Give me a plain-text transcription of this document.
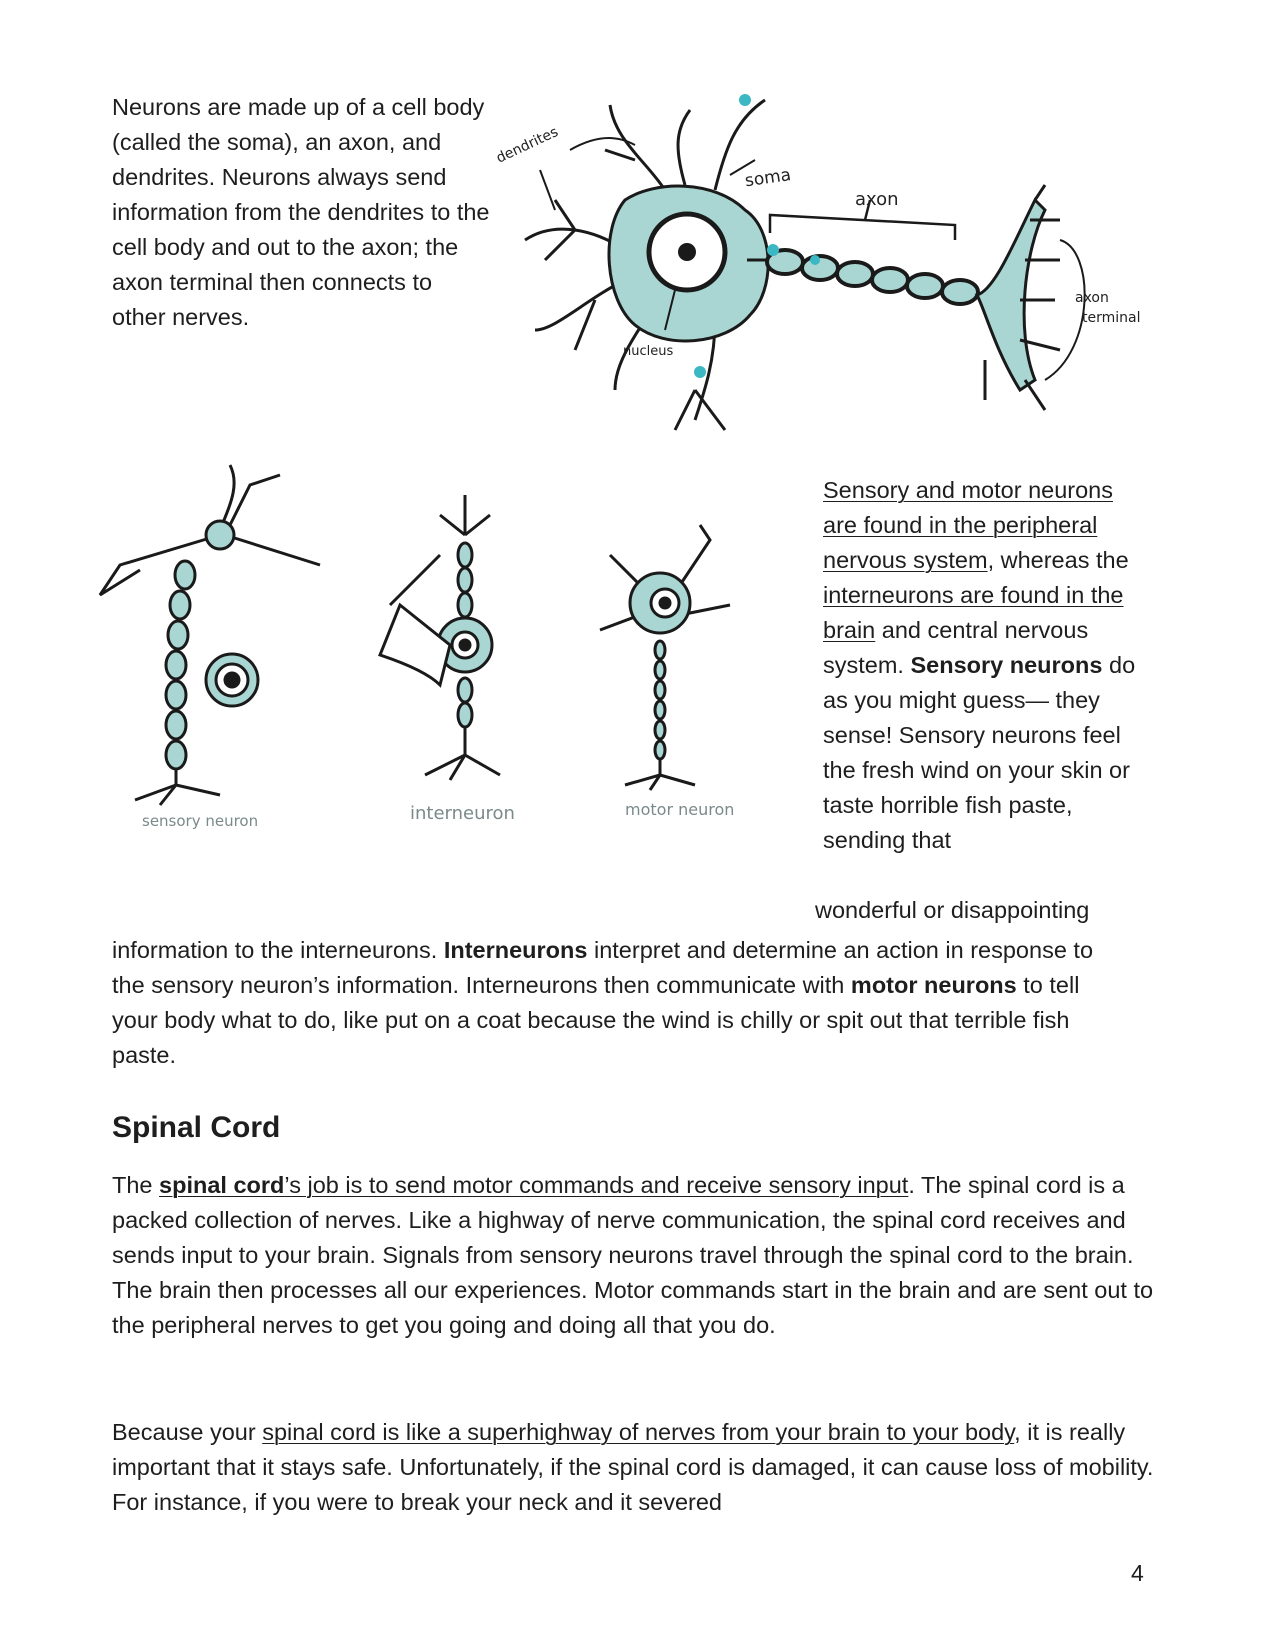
Neurons are made up of a cell body (called the soma), an axon, and dendrites. Neurons always send information from the dendrites to the cell body and out to the axon; the axon terminal then connects to other nerves.
dendrites
soma
axon
nucleus
axon
terminal
sensory neuron	interneuron	motor neuron
Sensory and motor neurons are found in the peripheral nervous system, whereas the interneurons are found in the brain and central nervous system. Sensory neurons do as you might guess— they sense! Sensory neurons feel the fresh wind on your skin or taste horrible fish paste, sending that
wonderful or disappointing
information to the interneurons. Interneurons interpret and determine an action in response to the sensory neuron’s information. Interneurons then communicate with motor neurons to tell your body what to do, like put on a coat because the wind is chilly or spit out that terrible fish paste.
Spinal Cord
The spinal cord’s job is to send motor commands and receive sensory input. The spinal cord is a packed collection of nerves. Like a highway of nerve communication, the spinal cord receives and sends input to your brain. Signals from sensory neurons travel through the spinal cord to the brain. The brain then processes all our experiences. Motor commands start in the brain and are sent out to the peripheral nerves to get you going and doing all that you do.
Because your spinal cord is like a superhighway of nerves from your brain to your body, it is really important that it stays safe. Unfortunately, if the spinal cord is damaged, it can cause loss of mobility. For instance, if you were to break your neck and it severed
4
